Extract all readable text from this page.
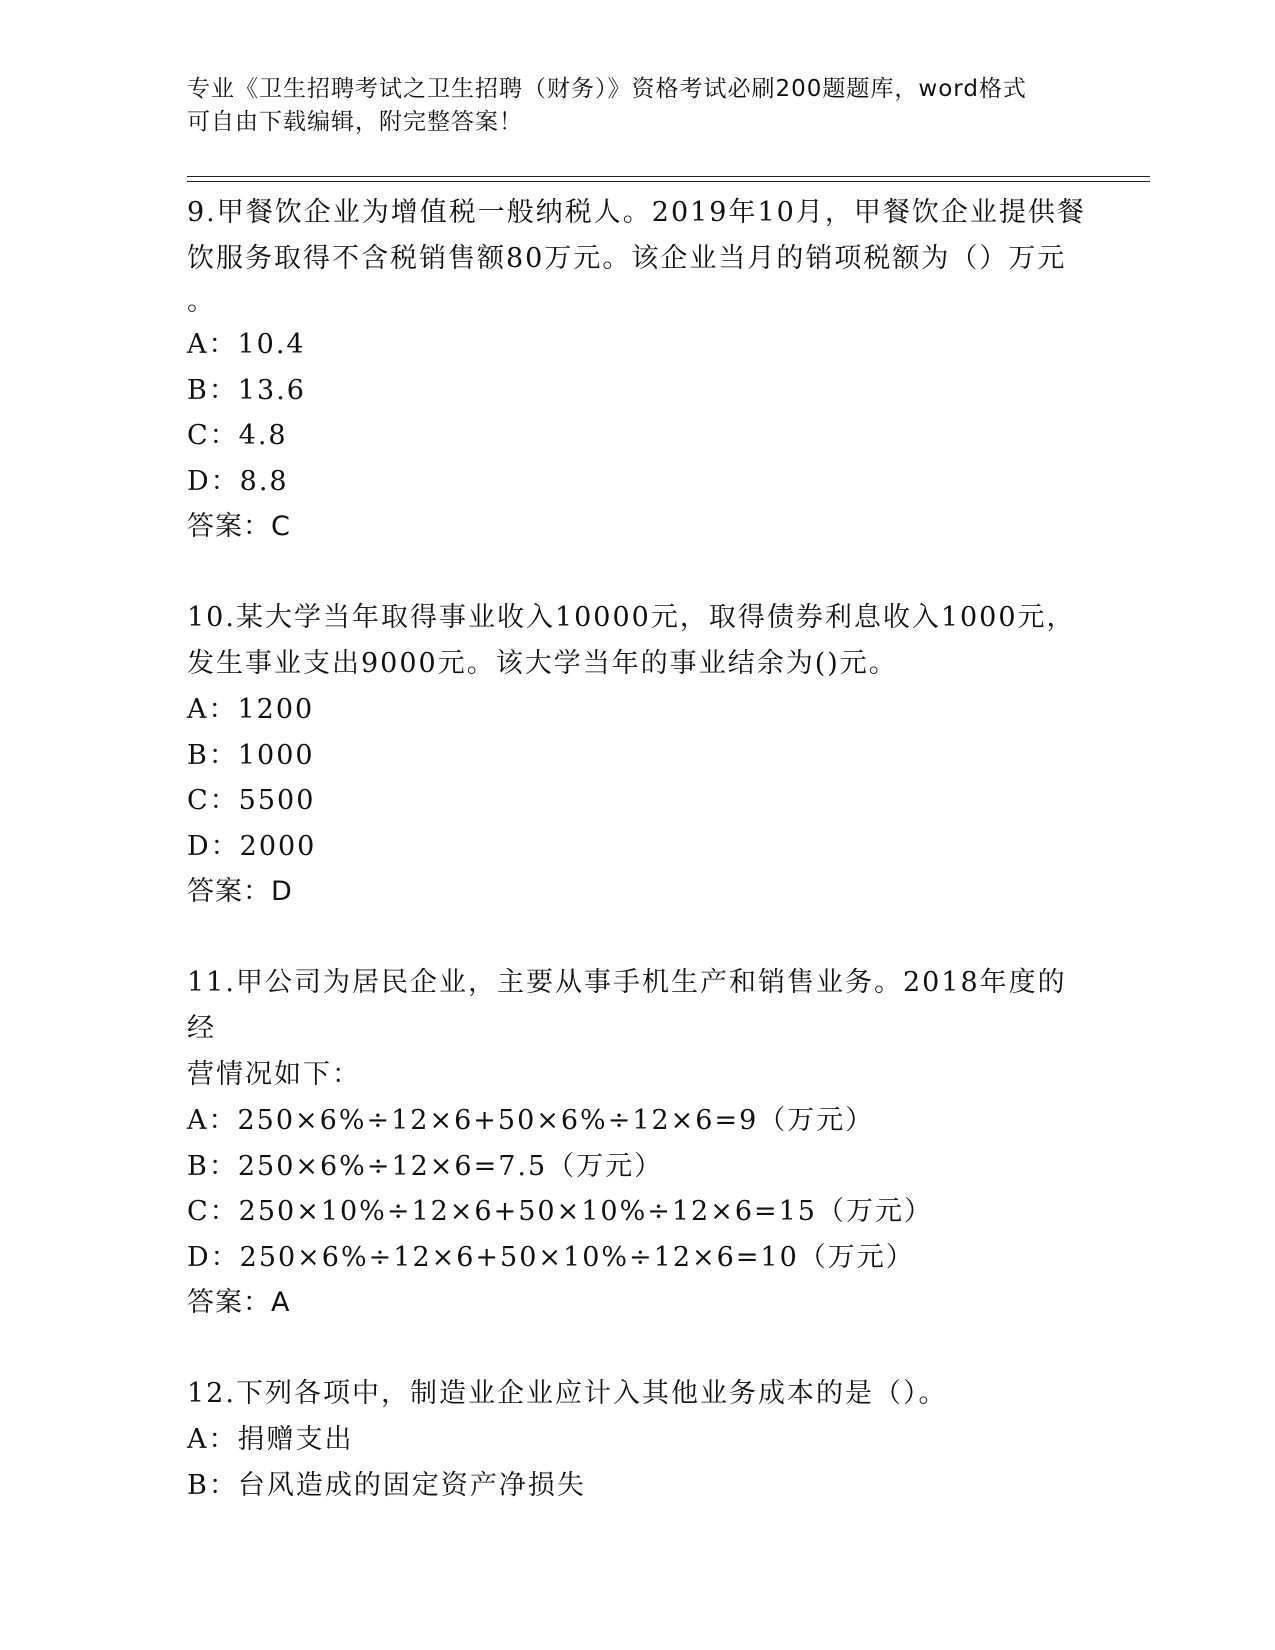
专业《卫生招聘考试之卫生招聘（财务）》资格考试必刷200题题库，word格式
可自由下载编辑，附完整答案！
9.甲餐饮企业为增值税一般纳税人。2019年10月，甲餐饮企业提供餐
饮服务取得不含税销售额80万元。该企业当月的销项税额为（）万元
。
A：10.4
B：13.6
C：4.8
D：8.8
答案：C
10.某大学当年取得事业收入10000元，取得债券利息收入1000元，
发生事业支出9000元。该大学当年的事业结余为()元。
A：1200
B：1000
C：5500
D：2000
答案：D
11.甲公司为居民企业，主要从事手机生产和销售业务。2018年度的经
营情况如下：
A：250×6%÷12×6+50×6%÷12×6=9（万元）
B：250×6%÷12×6=7.5（万元）
C：250×10%÷12×6+50×10%÷12×6=15（万元）
D：250×6%÷12×6+50×10%÷12×6=10（万元）
答案：A
12.下列各项中，制造业企业应计入其他业务成本的是（）。
A：捐赠支出
B：台风造成的固定资产净损失
